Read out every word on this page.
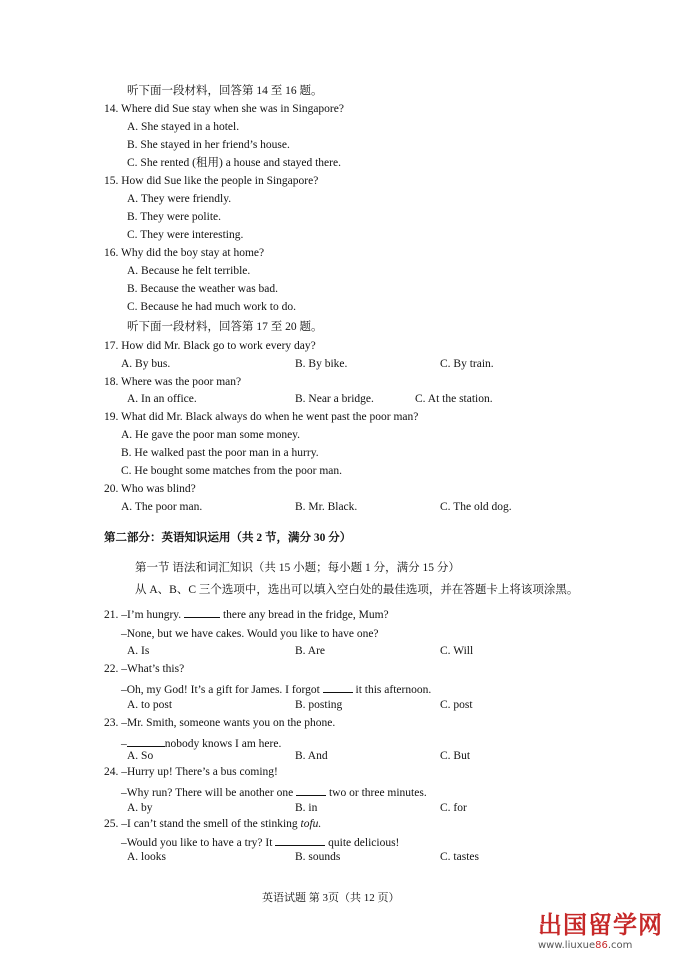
听下面一段材料，回答第 14 至 16 题。
14. Where did Sue stay when she was in Singapore?
A. She stayed in a hotel.
B. She stayed in her friend’s house.
C. She rented (租用) a house and stayed there.
15. How did Sue like the people in Singapore?
A. They were friendly.
B. They were polite.
C. They were interesting.
16. Why did the boy stay at home?
A. Because he felt terrible.
B. Because the weather was bad.
C. Because he had much work to do.
听下面一段材料，回答第 17 至 20 题。
17. How did Mr. Black go to work every day?
A. By bus.	B. By bike.	C. By train.
18. Where was the poor man?
A. In an office.	B. Near a bridge.	C. At the station.
19. What did Mr. Black always do when he went past the poor man?
A. He gave the poor man some money.
B. He walked past the poor man in a hurry.
C. He bought some matches from the poor man.
20. Who was blind?
A. The poor man.	B. Mr. Black.	C. The old dog.
第二部分：英语知识运用（共 2 节，满分 30 分）
第一节 语法和词汇知识（共 15 小题；每小题 1 分，满分 15 分）
从 A、B、C 三个选项中，选出可以填入空白处的最佳选项，并在答题卡上将该项涂黑。
21. –I’m hungry.	there any bread in the fridge, Mum?
–None, but we have cakes. Would you like to have one?
A. Is	B. Are	C. Will
22. –What’s this?
–Oh, my God! It’s a gift for James. I forgot	it this afternoon.
A. to post	B. posting	C. post
23. –Mr. Smith, someone wants you on the phone.
–	nobody knows I am here.
A. So	B. And	C. But
24. –Hurry up! There’s a bus coming!
–Why run? There will be another one	two or three minutes.
A. by	B. in	C. for
25. –I can’t stand the smell of the stinking tofu.
–Would you like to have a try? It	quite delicious!
A. looks	B. sounds	C. tastes
英语试题 第 3页（共 12 页）
出国留学网
www.liuxue86.com
